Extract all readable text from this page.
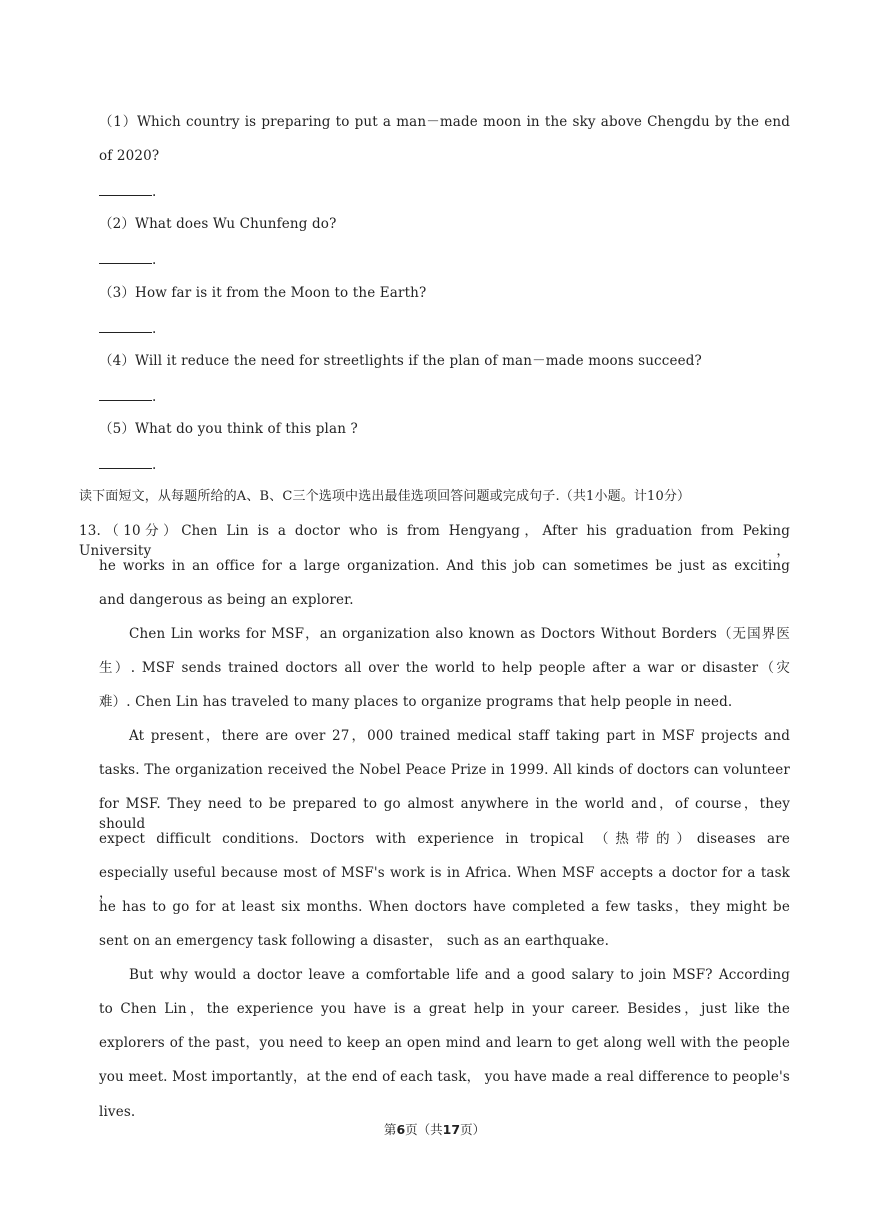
（1）Which country is preparing to put a man－made moon in the sky above Chengdu by the end
of 2020?
.
（2）What does Wu Chunfeng do?
.
（3）How far is it from the Moon to the Earth?
.
（4）Will it reduce the need for streetlights if the plan of man－made moons succeed?
.
（5）What do you think of this plan ?
.
读下面短文，从每题所给的A、B、C三个选项中选出最佳选项回答问题或完成句子.（共1小题。计10分）
13.（10分）Chen Lin is a doctor who is from Hengyang，After his graduation from Peking University，
he works in an office for a large organization. And this job can sometimes be just as exciting
and dangerous as being an explorer.
Chen Lin works for MSF，an organization also known as Doctors Without Borders（无国界医
生）. MSF sends trained doctors all over the world to help people after a war or disaster（灾
难）. Chen Lin has traveled to many places to organize programs that help people in need.
At present，there are over 27，000 trained medical staff taking part in MSF projects and
tasks. The organization received the Nobel Peace Prize in 1999. All kinds of doctors can volunteer
for MSF. They need to be prepared to go almost anywhere in the world and，of course，they should
expect difficult conditions. Doctors with experience in tropical （热带的）diseases are
especially useful because most of MSF's work is in Africa. When MSF accepts a doctor for a task ，
he has to go for at least six months. When doctors have completed a few tasks，they might be
sent on an emergency task following a disaster， such as an earthquake.
But why would a doctor leave a comfortable life and a good salary to join MSF? According
to Chen Lin，the experience you have is a great help in your career. Besides，just like the
explorers of the past，you need to keep an open mind and learn to get along well with the people
you meet. Most importantly，at the end of each task， you have made a real difference to people's
lives.
第6页（共17页）
